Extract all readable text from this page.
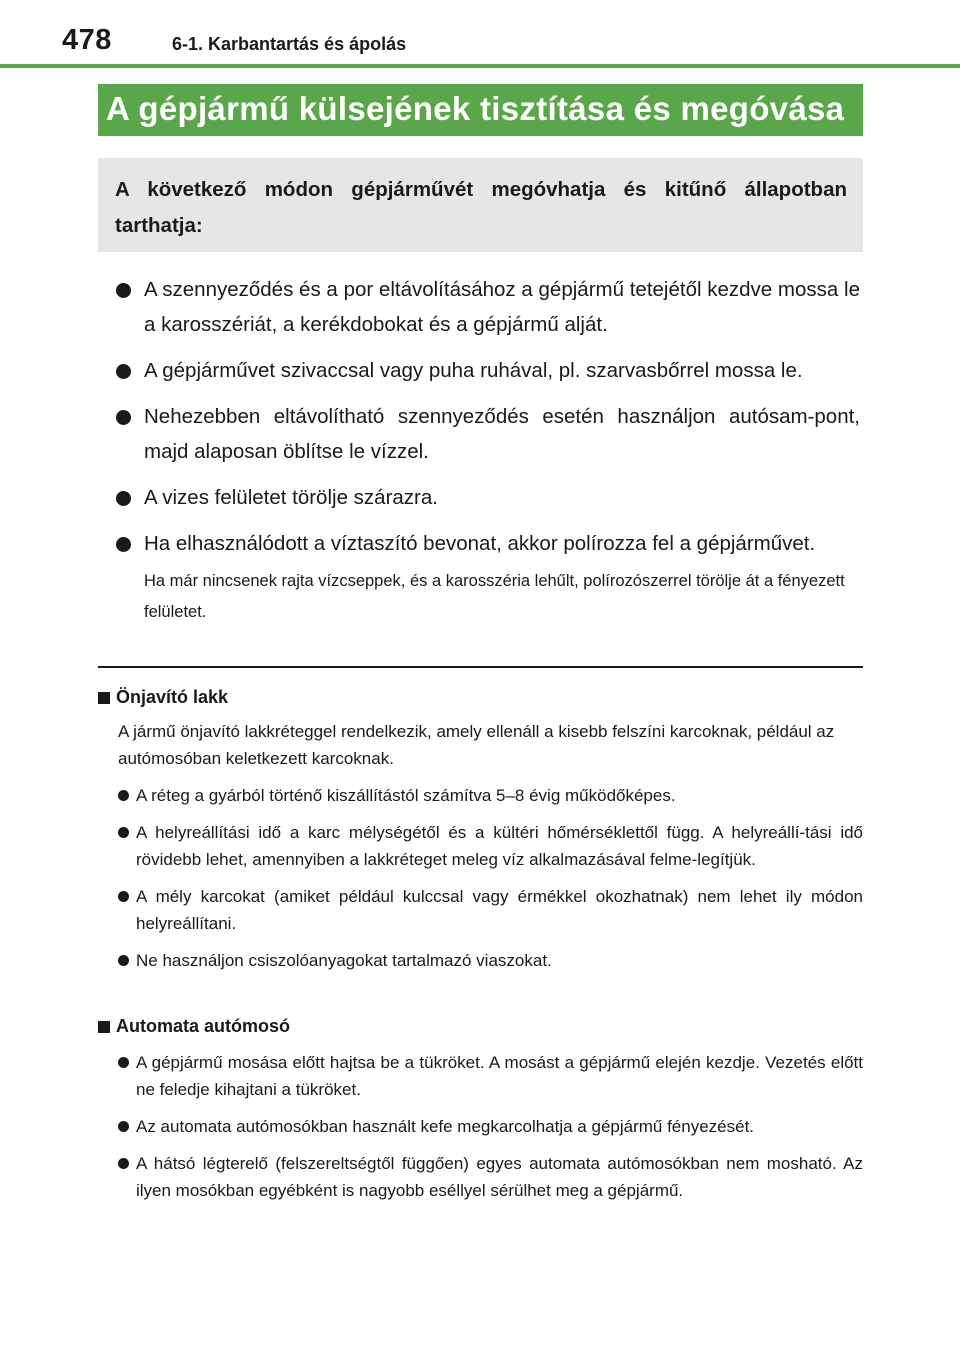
478	6-1. Karbantartás és ápolás
A gépjármű külsejének tisztítása és megóvása
A következő módon gépjárművét megóvhatja és kitűnő állapotban tarthatja:
A szennyeződés és a por eltávolításához a gépjármű tetejétől kezdve mossa le a karosszériát, a kerékdobokat és a gépjármű alját.
A gépjárművet szivaccsal vagy puha ruhával, pl. szarvasbőrrel mossa le.
Nehezebben eltávolítható szennyeződés esetén használjon autósam-pont, majd alaposan öblítse le vízzel.
A vizes felületet törölje szárazra.
Ha elhasználódott a víztaszító bevonat, akkor polírozza fel a gépjárművet.
Ha már nincsenek rajta vízcseppek, és a karosszéria lehűlt, polírozószerrel törölje át a fényezett felületet.
Önjavító lakk
A jármű önjavító lakkréteggel rendelkezik, amely ellenáll a kisebb felszíni karcoknak, például az autómosóban keletkezett karcoknak.
A réteg a gyárból történő kiszállítástól számítva 5–8 évig működőképes.
A helyreállítási idő a karc mélységétől és a kültéri hőmérséklettől függ. A helyreállí-tási idő rövidebb lehet, amennyiben a lakkréteget meleg víz alkalmazásával felme-legítjük.
A mély karcokat (amiket például kulccsal vagy érmékkel okozhatnak) nem lehet ily módon helyreállítani.
Ne használjon csiszolóanyagokat tartalmazó viaszokat.
Automata autómosó
A gépjármű mosása előtt hajtsa be a tükröket. A mosást a gépjármű elején kezdje. Vezetés előtt ne feledje kihajtani a tükröket.
Az automata autómosókban használt kefe megkarcolhatja a gépjármű fényezését.
A hátsó légterelő (felszereltségtől függően) egyes automata autómosókban nem mosható. Az ilyen mosókban egyébként is nagyobb eséllyel sérülhet meg a gépjármű.
